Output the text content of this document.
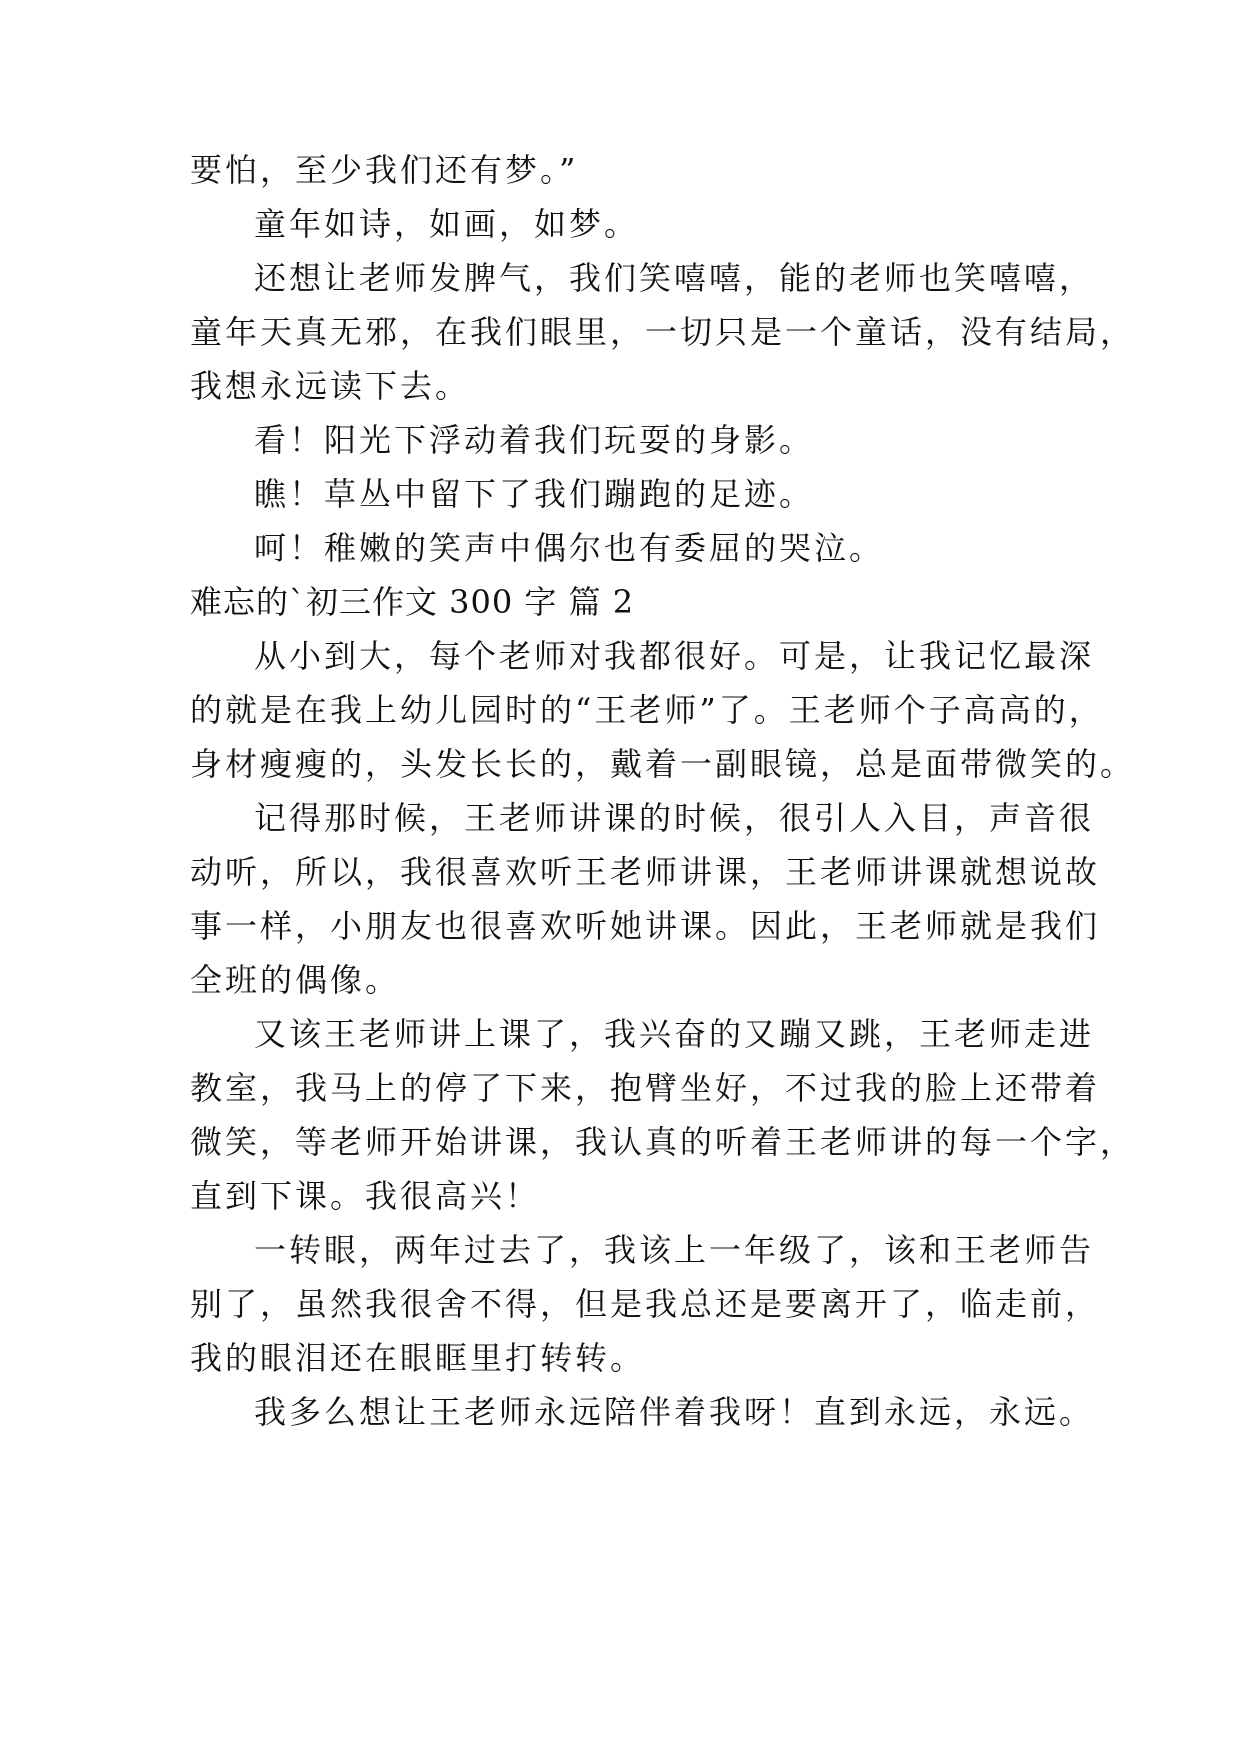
要怕，至少我们还有梦。”
童年如诗，如画，如梦。
还想让老师发脾气，我们笑嘻嘻，能的老师也笑嘻嘻，
童年天真无邪，在我们眼里，一切只是一个童话，没有结局，
我想永远读下去。
看！阳光下浮动着我们玩耍的身影。
瞧！草丛中留下了我们蹦跑的足迹。
呵！稚嫩的笑声中偶尔也有委屈的哭泣。
难忘的`初三作文 300 字 篇 2
从小到大，每个老师对我都很好。可是，让我记忆最深
的就是在我上幼儿园时的“王老师”了。王老师个子高高的，
身材瘦瘦的，头发长长的，戴着一副眼镜，总是面带微笑的。
记得那时候，王老师讲课的时候，很引人入目，声音很
动听，所以，我很喜欢听王老师讲课，王老师讲课就想说故
事一样，小朋友也很喜欢听她讲课。因此，王老师就是我们
全班的偶像。
又该王老师讲上课了，我兴奋的又蹦又跳，王老师走进
教室，我马上的停了下来，抱臂坐好，不过我的脸上还带着
微笑，等老师开始讲课，我认真的听着王老师讲的每一个字，
直到下课。我很高兴！
一转眼，两年过去了，我该上一年级了，该和王老师告
别了，虽然我很舍不得，但是我总还是要离开了，临走前，
我的眼泪还在眼眶里打转转。
我多么想让王老师永远陪伴着我呀！直到永远，永远。
